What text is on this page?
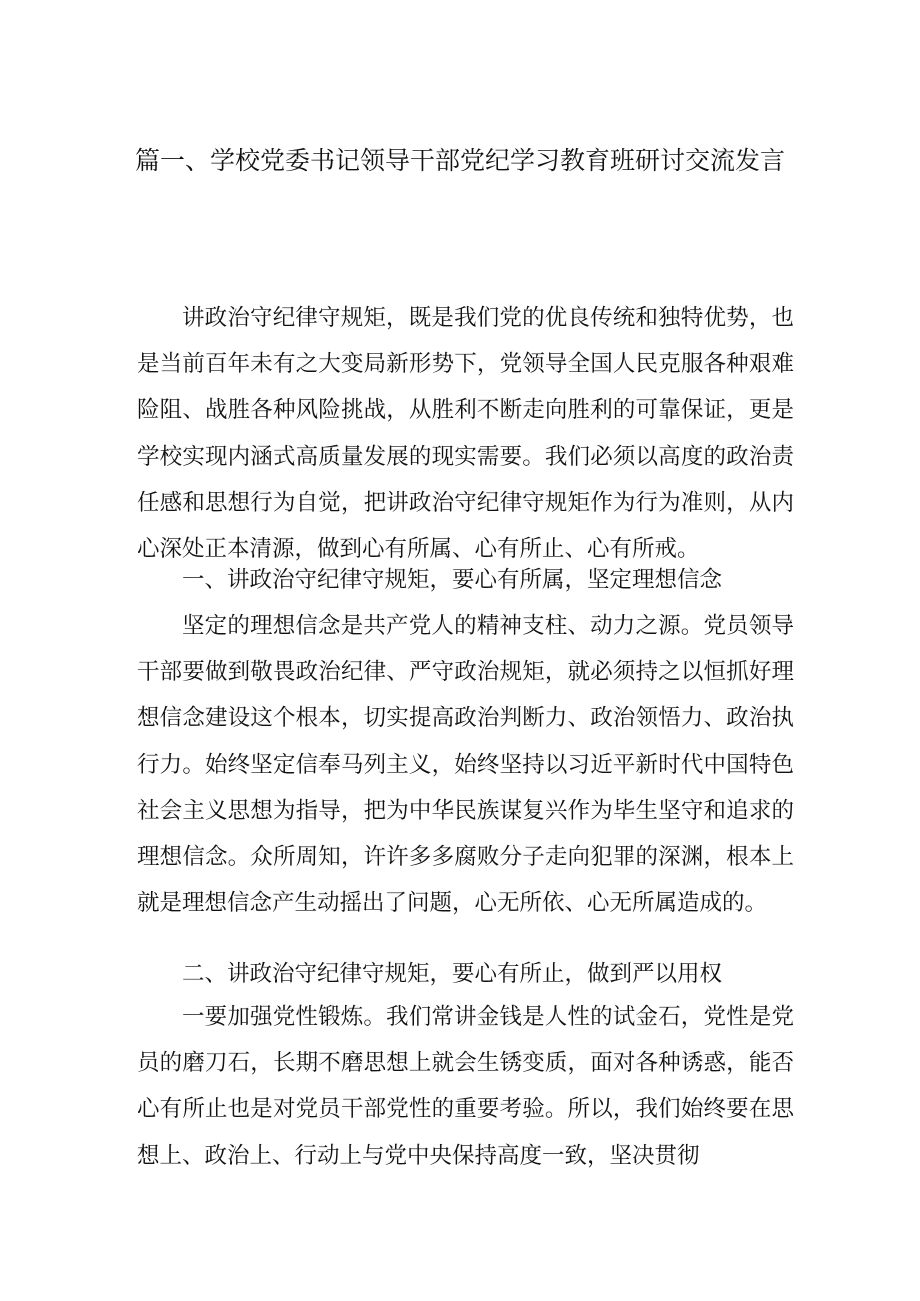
篇一、学校党委书记领导干部党纪学习教育班研讨交流发言

讲政治守纪律守规矩，既是我们党的优良传统和独特优势，也是当前百年未有之大变局新形势下，党领导全国人民克服各种艰难险阻、战胜各种风险挑战，从胜利不断走向胜利的可靠保证，更是学校实现内涵式高质量发展的现实需要。我们必须以高度的政治责任感和思想行为自觉，把讲政治守纪律守规矩作为行为准则，从内心深处正本清源，做到心有所属、心有所止、心有所戒。

一、讲政治守纪律守规矩，要心有所属，坚定理想信念

坚定的理想信念是共产党人的精神支柱、动力之源。党员领导干部要做到敬畏政治纪律、严守政治规矩，就必须持之以恒抓好理想信念建设这个根本，切实提高政治判断力、政治领悟力、政治执行力。始终坚定信奉马列主义，始终坚持以习近平新时代中国特色社会主义思想为指导，把为中华民族谋复兴作为毕生坚守和追求的理想信念。众所周知，许许多多腐败分子走向犯罪的深渊，根本上就是理想信念产生动摇出了问题，心无所依、心无所属造成的。

二、讲政治守纪律守规矩，要心有所止，做到严以用权

一要加强党性锻炼。我们常讲金钱是人性的试金石，党性是党员的磨刀石，长期不磨思想上就会生锈变质，面对各种诱惑，能否心有所止也是对党员干部党性的重要考验。所以，我们始终要在思想上、政治上、行动上与党中央保持高度一致，坚决贯彻
